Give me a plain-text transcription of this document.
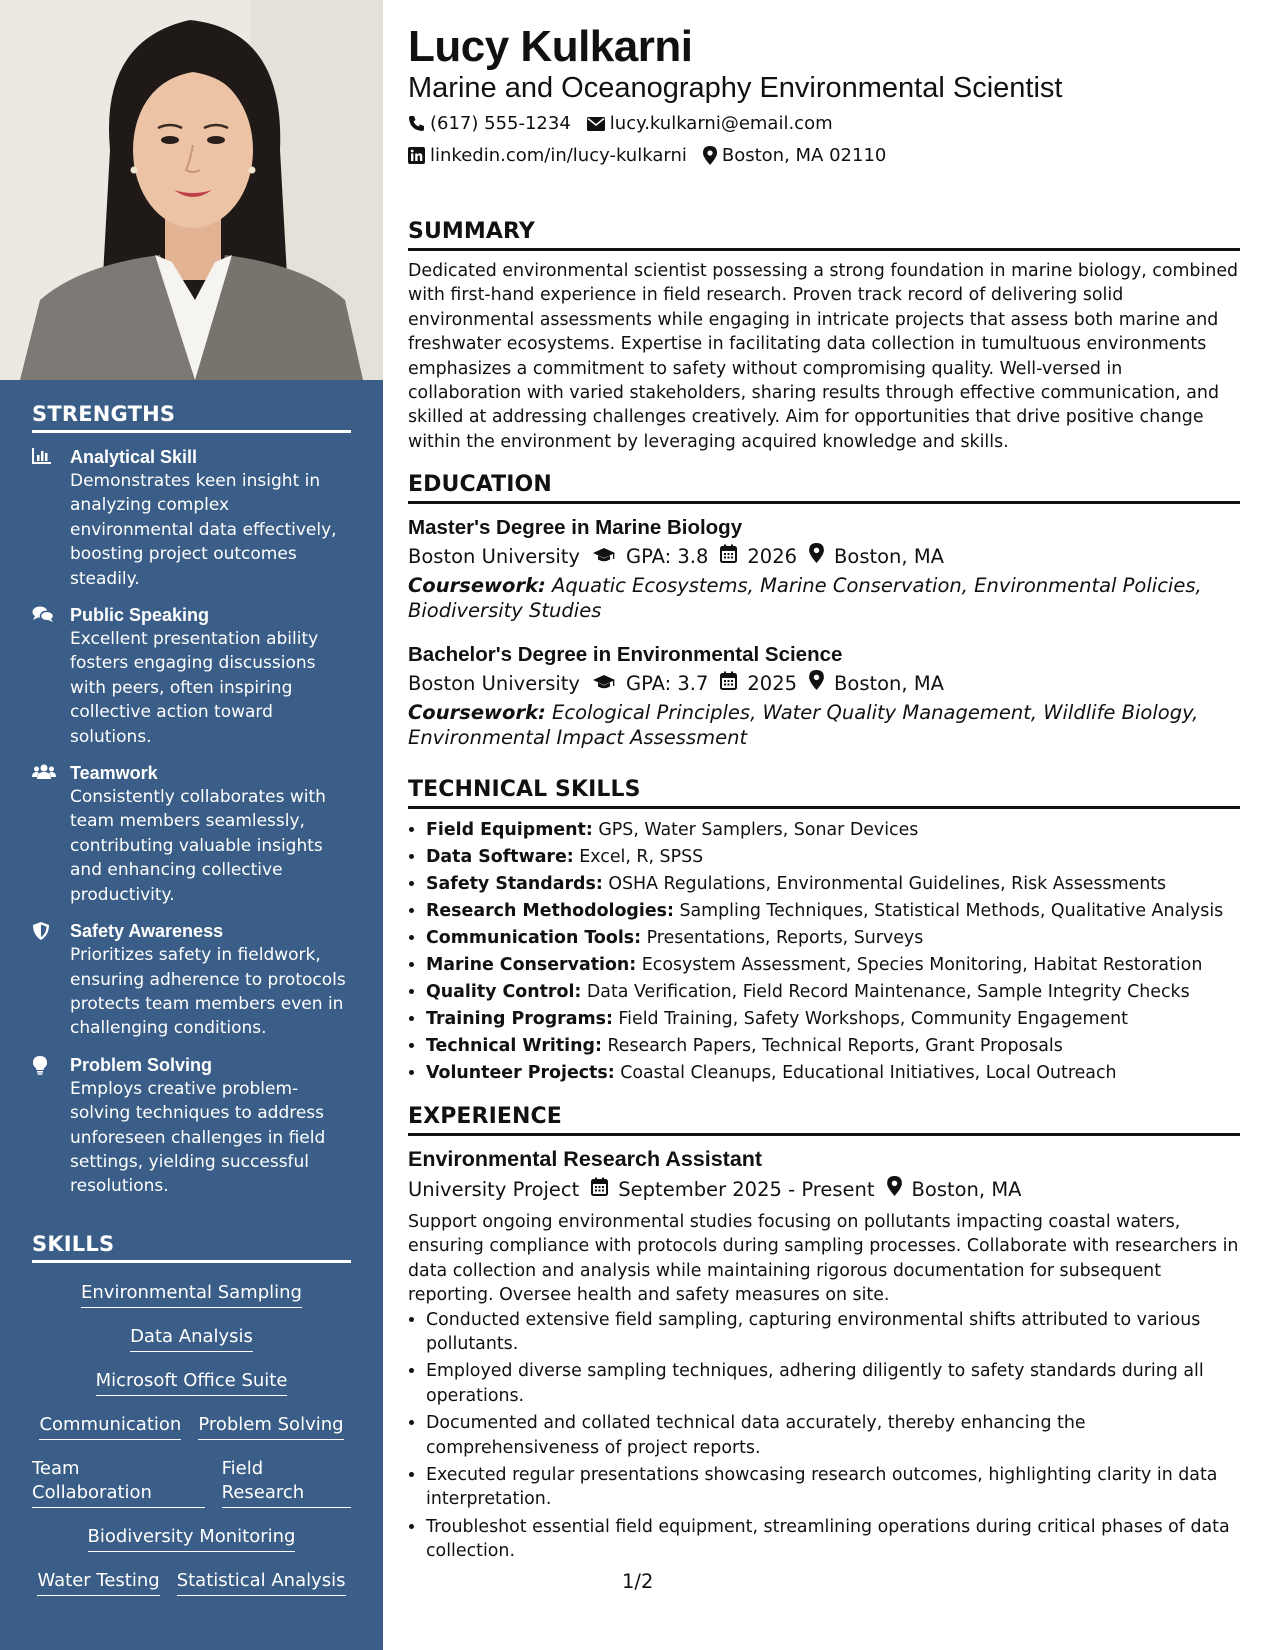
STRENGTHS
Analytical Skill
Demonstrates keen insight in analyzing complex environmental data effectively, boosting project outcomes steadily.
Public Speaking
Excellent presentation ability fosters engaging discussions with peers, often inspiring collective action toward solutions.
Teamwork
Consistently collaborates with team members seamlessly, contributing valuable insights and enhancing collective productivity.
Safety Awareness
Prioritizes safety in fieldwork, ensuring adherence to protocols protects team members even in challenging conditions.
Problem Solving
Employs creative problem-solving techniques to address unforeseen challenges in field settings, yielding successful resolutions.
SKILLS
Environmental Sampling
Data Analysis
Microsoft Office Suite
Communication Problem Solving
Team Collaboration
Field Research
Biodiversity Monitoring
Water Testing Statistical Analysis
Lucy Kulkarni
Marine and Oceanography Environmental Scientist
(617) 555-1234 lucy.kulkarni@email.com
linkedin.com/in/lucy-kulkarni Boston, MA 02110
SUMMARY

Dedicated environmental scientist possessing a strong foundation in marine biology, combined with first-hand experience in field research. Proven track record of delivering solid environmental assessments while engaging in intricate projects that assess both marine and freshwater ecosystems. Expertise in facilitating data collection in tumultuous environments emphasizes a commitment to safety without compromising quality. Well-versed in collaboration with varied stakeholders, sharing results through effective communication, and skilled at addressing challenges creatively. Aim for opportunities that drive positive change within the environment by leveraging acquired knowledge and skills.

EDUCATION
Master's Degree in Marine Biology
Boston University GPA: 3.8 2026 Boston, MA
Coursework: Aquatic Ecosystems, Marine Conservation, Environmental Policies, Biodiversity Studies
Bachelor's Degree in Environmental Science
Boston University GPA: 3.7 2025 Boston, MA
Coursework: Ecological Principles, Water Quality Management, Wildlife Biology, Environmental Impact Assessment
TECHNICAL SKILLS
• Field Equipment: GPS, Water Samplers, Sonar Devices
• Data Software: Excel, R, SPSS
• Safety Standards: OSHA Regulations, Environmental Guidelines, Risk Assessments
• Research Methodologies: Sampling Techniques, Statistical Methods, Qualitative Analysis
• Communication Tools: Presentations, Reports, Surveys
• Marine Conservation: Ecosystem Assessment, Species Monitoring, Habitat Restoration
• Quality Control: Data Verification, Field Record Maintenance, Sample Integrity Checks
• Training Programs: Field Training, Safety Workshops, Community Engagement
• Technical Writing: Research Papers, Technical Reports, Grant Proposals
• Volunteer Projects: Coastal Cleanups, Educational Initiatives, Local Outreach
EXPERIENCE
Environmental Research Assistant
University Project September 2025 - Present Boston, MA
Support ongoing environmental studies focusing on pollutants impacting coastal waters, ensuring compliance with protocols during sampling processes. Collaborate with researchers in data collection and analysis while maintaining rigorous documentation for subsequent reporting. Oversee health and safety measures on site.
• Conducted extensive field sampling, capturing environmental shifts attributed to various pollutants.
• Employed diverse sampling techniques, adhering diligently to safety standards during all operations.
• Documented and collated technical data accurately, thereby enhancing the comprehensiveness of project reports.
• Executed regular presentations showcasing research outcomes, highlighting clarity in data interpretation.
• Troubleshot essential field equipment, streamlining operations during critical phases of data collection.
1/2
